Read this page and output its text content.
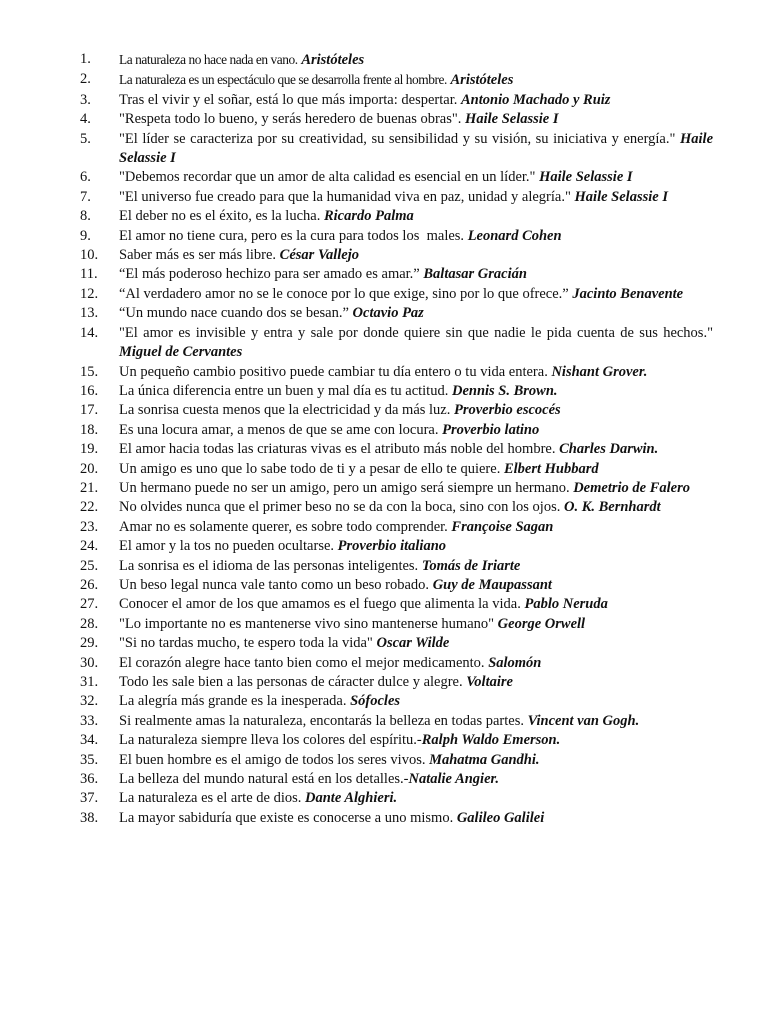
1.	La naturaleza no hace nada en vano. Aristóteles
2.	La naturaleza es un espectáculo que se desarrolla frente al hombre. Aristóteles
3.	Tras el vivir y el soñar, está lo que más importa: despertar. Antonio Machado y Ruiz
4.	"Respeta todo lo bueno, y serás heredero de buenas obras". Haile Selassie I
5.	"El líder se caracteriza por su creatividad, su sensibilidad y su visión, su iniciativa y energía." Haile Selassie I
6.	"Debemos recordar que un amor de alta calidad es esencial en un líder." Haile Selassie I
7.	"El universo fue creado para que la humanidad viva en paz, unidad y alegría." Haile Selassie I
8.	El deber no es el éxito, es la lucha. Ricardo Palma
9.	El amor no tiene cura, pero es la cura para todos los  males. Leonard Cohen
10.	Saber más es ser más libre. César Vallejo
11.	“El más poderoso hechizo para ser amado es amar.” Baltasar Gracián
12.	“Al verdadero amor no se le conoce por lo que exige, sino por lo que ofrece.” Jacinto Benavente
13.	“Un mundo nace cuando dos se besan.” Octavio Paz
14.	"El amor es invisible y entra y sale por donde quiere sin que nadie le pida cuenta de sus hechos." Miguel de Cervantes
15.	Un pequeño cambio positivo puede cambiar tu día entero o tu vida entera. Nishant Grover.
16.	La única diferencia entre un buen y mal día es tu actitud. Dennis S. Brown.
17.	La sonrisa cuesta menos que la electricidad y da más luz. Proverbio escocés
18.	Es una locura amar, a menos de que se ame con locura. Proverbio latino
19.	El amor hacia todas las criaturas vivas es el atributo más noble del hombre. Charles Darwin.
20.	Un amigo es uno que lo sabe todo de ti y a pesar de ello te quiere. Elbert Hubbard
21.	Un hermano puede no ser un amigo, pero un amigo será siempre un hermano. Demetrio de Falero
22.	No olvides nunca que el primer beso no se da con la boca, sino con los ojos. O. K. Bernhardt
23.	Amar no es solamente querer, es sobre todo comprender. Françoise Sagan
24.	El amor y la tos no pueden ocultarse. Proverbio italiano
25.	La sonrisa es el idioma de las personas inteligentes. Tomás de Iriarte
26.	Un beso legal nunca vale tanto como un beso robado. Guy de Maupassant
27.	Conocer el amor de los que amamos es el fuego que alimenta la vida. Pablo Neruda
28.	"Lo importante no es mantenerse vivo sino mantenerse humano" George Orwell
29.	"Si no tardas mucho, te espero toda la vida" Oscar Wilde
30.	El corazón alegre hace tanto bien como el mejor medicamento. Salomón
31.	Todo les sale bien a las personas de cáracter dulce y alegre. Voltaire
32.	La alegría más grande es la inesperada. Sófocles
33.	Si realmente amas la naturaleza, encontarás la belleza en todas partes. Vincent van Gogh.
34.	La naturaleza siempre lleva los colores del espíritu.-Ralph Waldo Emerson.
35.	El buen hombre es el amigo de todos los seres vivos. Mahatma Gandhi.
36.	La belleza del mundo natural está en los detalles.-Natalie Angier.
37.	La naturaleza es el arte de dios. Dante Alghieri.
38.	La mayor sabiduría que existe es conocerse a uno mismo. Galileo Galilei
